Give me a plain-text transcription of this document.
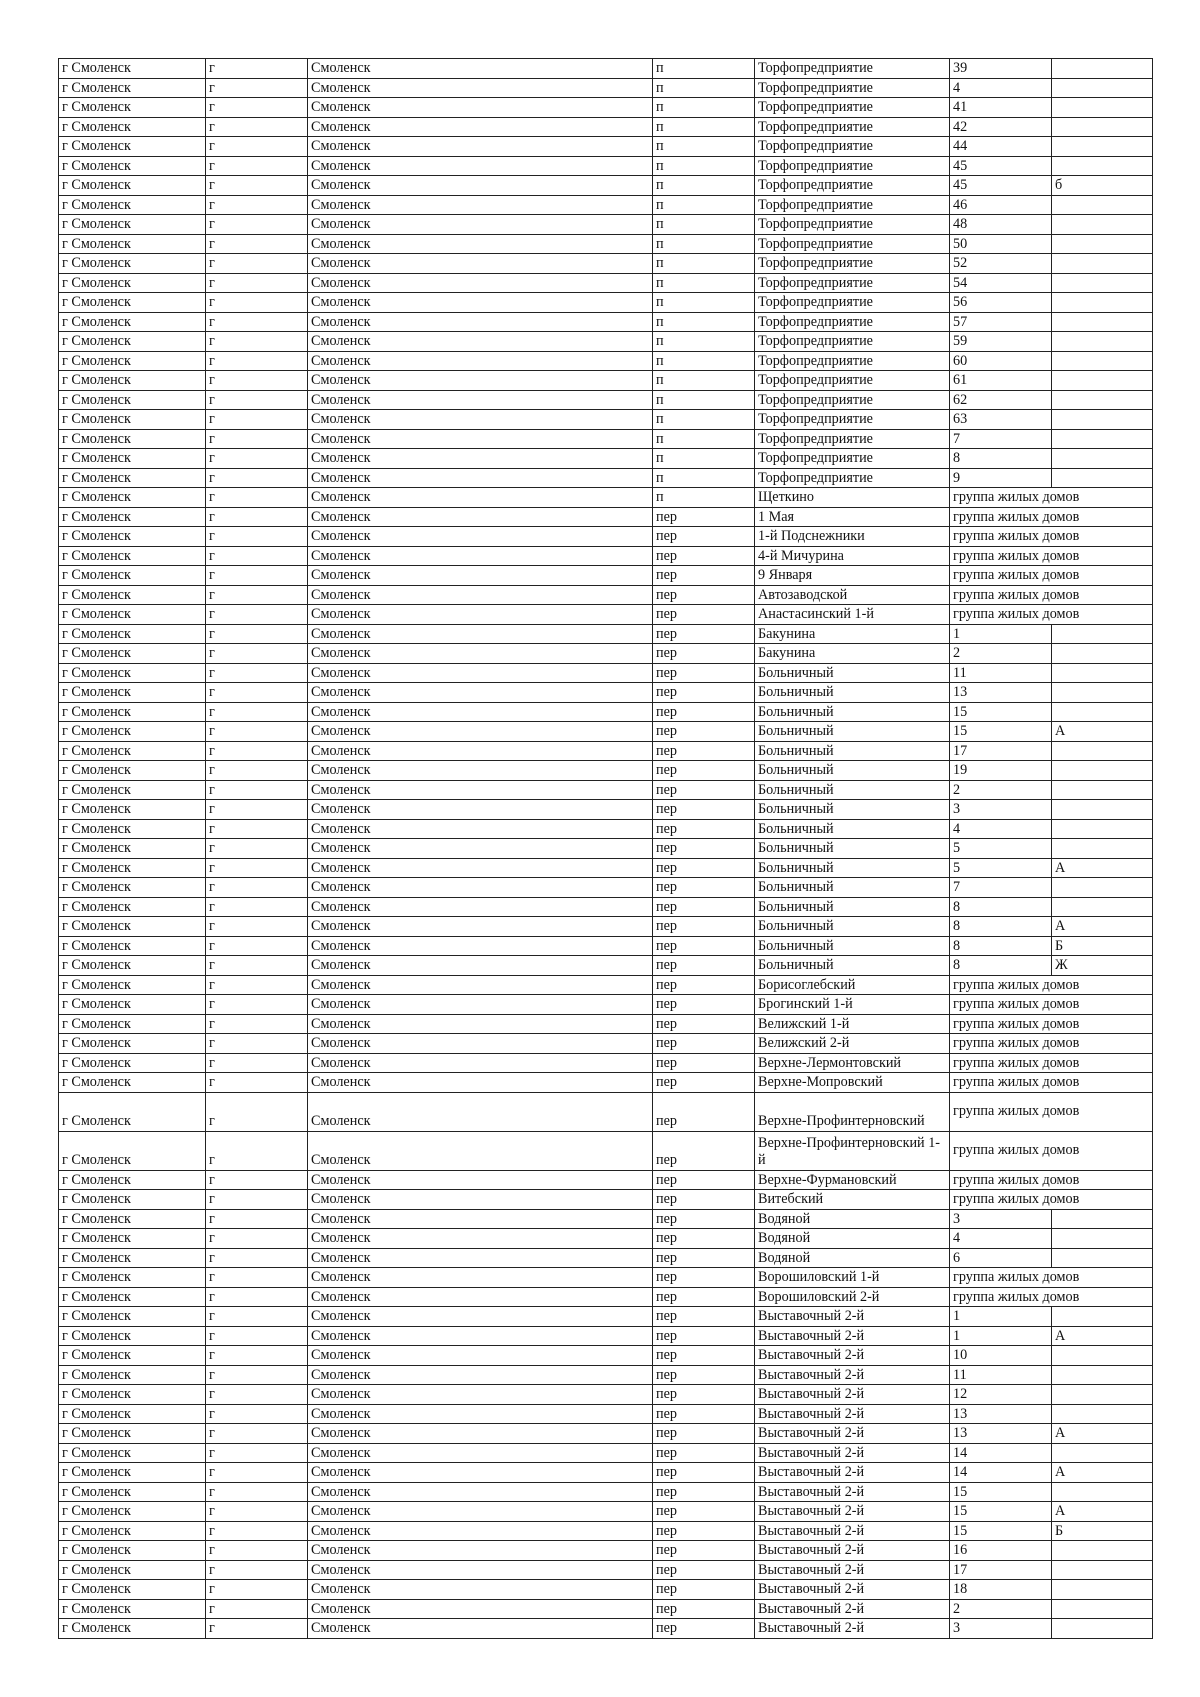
г Смоленск	г	Смоленск	п	Торфопредприятие	39	
г Смоленск	г	Смоленск	п	Торфопредприятие	4	
г Смоленск	г	Смоленск	п	Торфопредприятие	41	
г Смоленск	г	Смоленск	п	Торфопредприятие	42	
г Смоленск	г	Смоленск	п	Торфопредприятие	44	
г Смоленск	г	Смоленск	п	Торфопредприятие	45	
г Смоленск	г	Смоленск	п	Торфопредприятие	45	б
г Смоленск	г	Смоленск	п	Торфопредприятие	46	
г Смоленск	г	Смоленск	п	Торфопредприятие	48	
г Смоленск	г	Смоленск	п	Торфопредприятие	50	
г Смоленск	г	Смоленск	п	Торфопредприятие	52	
г Смоленск	г	Смоленск	п	Торфопредприятие	54	
г Смоленск	г	Смоленск	п	Торфопредприятие	56	
г Смоленск	г	Смоленск	п	Торфопредприятие	57	
г Смоленск	г	Смоленск	п	Торфопредприятие	59	
г Смоленск	г	Смоленск	п	Торфопредприятие	60	
г Смоленск	г	Смоленск	п	Торфопредприятие	61	
г Смоленск	г	Смоленск	п	Торфопредприятие	62	
г Смоленск	г	Смоленск	п	Торфопредприятие	63	
г Смоленск	г	Смоленск	п	Торфопредприятие	7	
г Смоленск	г	Смоленск	п	Торфопредприятие	8	
г Смоленск	г	Смоленск	п	Торфопредприятие	9	
г Смоленск	г	Смоленск	п	Щеткино	группа жилых домов	
г Смоленск	г	Смоленск	пер	1 Мая	группа жилых домов	
г Смоленск	г	Смоленск	пер	1-й Подснежники	группа жилых домов	
г Смоленск	г	Смоленск	пер	4-й Мичурина	группа жилых домов	
г Смоленск	г	Смоленск	пер	9 Января	группа жилых домов	
г Смоленск	г	Смоленск	пер	Автозаводской	группа жилых домов	
г Смоленск	г	Смоленск	пер	Анастасинский 1-й	группа жилых домов	
г Смоленск	г	Смоленск	пер	Бакунина	1	
г Смоленск	г	Смоленск	пер	Бакунина	2	
г Смоленск	г	Смоленск	пер	Больничный	11	
г Смоленск	г	Смоленск	пер	Больничный	13	
г Смоленск	г	Смоленск	пер	Больничный	15	
г Смоленск	г	Смоленск	пер	Больничный	15	А
г Смоленск	г	Смоленск	пер	Больничный	17	
г Смоленск	г	Смоленск	пер	Больничный	19	
г Смоленск	г	Смоленск	пер	Больничный	2	
г Смоленск	г	Смоленск	пер	Больничный	3	
г Смоленск	г	Смоленск	пер	Больничный	4	
г Смоленск	г	Смоленск	пер	Больничный	5	
г Смоленск	г	Смоленск	пер	Больничный	5	А
г Смоленск	г	Смоленск	пер	Больничный	7	
г Смоленск	г	Смоленск	пер	Больничный	8	
г Смоленск	г	Смоленск	пер	Больничный	8	А
г Смоленск	г	Смоленск	пер	Больничный	8	Б
г Смоленск	г	Смоленск	пер	Больничный	8	Ж
г Смоленск	г	Смоленск	пер	Борисоглебский	группа жилых домов	
г Смоленск	г	Смоленск	пер	Брогинский 1-й	группа жилых домов	
г Смоленск	г	Смоленск	пер	Велижский 1-й	группа жилых домов	
г Смоленск	г	Смоленск	пер	Велижский 2-й	группа жилых домов	
г Смоленск	г	Смоленск	пер	Верхне-Лермонтовский	группа жилых домов	
г Смоленск	г	Смоленск	пер	Верхне-Мопровский	группа жилых домов	
г Смоленск	г	Смоленск	пер	Верхне-Профинтерновский	группа жилых домов	
г Смоленск	г	Смоленск	пер	Верхне-Профинтерновский 1-й	группа жилых домов	
г Смоленск	г	Смоленск	пер	Верхне-Фурмановский	группа жилых домов	
г Смоленск	г	Смоленск	пер	Витебский	группа жилых домов	
г Смоленск	г	Смоленск	пер	Водяной	3	
г Смоленск	г	Смоленск	пер	Водяной	4	
г Смоленск	г	Смоленск	пер	Водяной	6	
г Смоленск	г	Смоленск	пер	Ворошиловский 1-й	группа жилых домов	
г Смоленск	г	Смоленск	пер	Ворошиловский 2-й	группа жилых домов	
г Смоленск	г	Смоленск	пер	Выставочный 2-й	1	
г Смоленск	г	Смоленск	пер	Выставочный 2-й	1	А
г Смоленск	г	Смоленск	пер	Выставочный 2-й	10	
г Смоленск	г	Смоленск	пер	Выставочный 2-й	11	
г Смоленск	г	Смоленск	пер	Выставочный 2-й	12	
г Смоленск	г	Смоленск	пер	Выставочный 2-й	13	
г Смоленск	г	Смоленск	пер	Выставочный 2-й	13	А
г Смоленск	г	Смоленск	пер	Выставочный 2-й	14	
г Смоленск	г	Смоленск	пер	Выставочный 2-й	14	А
г Смоленск	г	Смоленск	пер	Выставочный 2-й	15	
г Смоленск	г	Смоленск	пер	Выставочный 2-й	15	А
г Смоленск	г	Смоленск	пер	Выставочный 2-й	15	Б
г Смоленск	г	Смоленск	пер	Выставочный 2-й	16	
г Смоленск	г	Смоленск	пер	Выставочный 2-й	17	
г Смоленск	г	Смоленск	пер	Выставочный 2-й	18	
г Смоленск	г	Смоленск	пер	Выставочный 2-й	2	
г Смоленск	г	Смоленск	пер	Выставочный 2-й	3	
